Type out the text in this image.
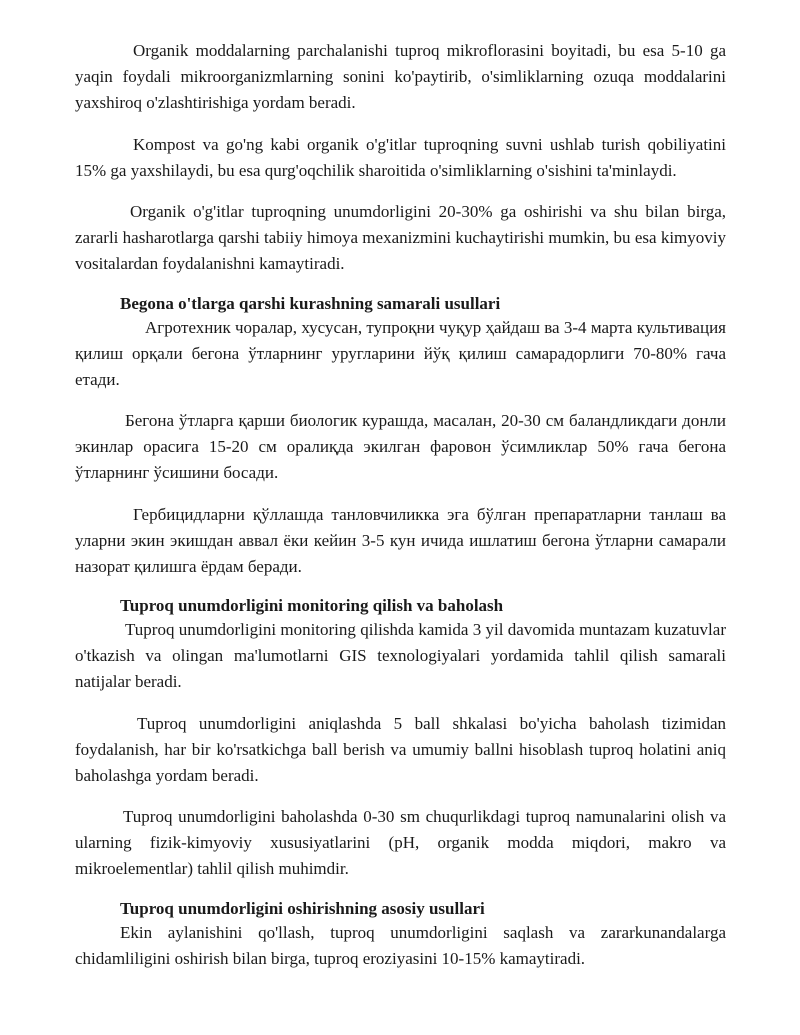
Organik moddalarning parchalanishi tuproq mikroflorasini boyitadi, bu esa 5-10 ga yaqin foydali mikroorganizmlarning sonini ko'paytirib, o'simliklarning ozuqa moddalarini yaxshiroq o'zlashtirishiga yordam beradi.

Kompost va go'ng kabi organik o'g'itlar tuproqning suvni ushlab turish qobiliyatini 15% ga yaxshilaydi, bu esa qurg'oqchilik sharoitida o'simliklarning o'sishini ta'minlaydi.

Organik o'g'itlar tuproqning unumdorligini 20-30% ga oshirishi va shu bilan birga, zararli hasharotlarga qarshi tabiiy himoya mexanizmini kuchaytirishi mumkin, bu esa kimyoviy vositalardan foydalanishni kamaytiradi.

Begona o'tlarga qarshi kurashning samarali usullari

Агротехник чоралар, хусусан, тупроқни чуқур ҳайдаш ва 3-4 марта культивация қилиш орқали бегона ўтларнинг уругларини йўқ қилиш самарадорлиги 70-80% гача етади.

Бегона ўтларга қарши биологик курашда, масалан, 20-30 см баландликдаги донли экинлар орасига 15-20 см оралиқда экилган фаровон ўсимликлар 50% гача бегона ўтларнинг ўсишини босади.

Гербицидларни қўллашда танловчиликка эга бўлган препаратларни танлаш ва уларни экин экишдан аввал ёки кейин 3-5 кун ичида ишлатиш бегона ўтларни самарали назорат қилишга ёрдам беради.

Tuproq unumdorligini monitoring qilish va baholash

Tuproq unumdorligini monitoring qilishda kamida 3 yil davomida muntazam kuzatuvlar o'tkazish va olingan ma'lumotlarni GIS texnologiyalari yordamida tahlil qilish samarali natijalar beradi.

Tuproq unumdorligini aniqlashda 5 ball shkalasi bo'yicha baholash tizimidan foydalanish, har bir ko'rsatkichga ball berish va umumiy ballni hisoblash tuproq holatini aniq baholashga yordam beradi.

Tuproq unumdorligini baholashda 0-30 sm chuqurlikdagi tuproq namunalarini olish va ularning fizik-kimyoviy xususiyatlarini (pH, organik modda miqdori, makro va mikroelementlar) tahlil qilish muhimdir.

Tuproq unumdorligini oshirishning asosiy usullari

Ekin aylanishini qo'llash, tuproq unumdorligini saqlash va zararkunandalarga chidamliligini oshirish bilan birga, tuproq eroziyasini 10-15% kamaytiradi.
